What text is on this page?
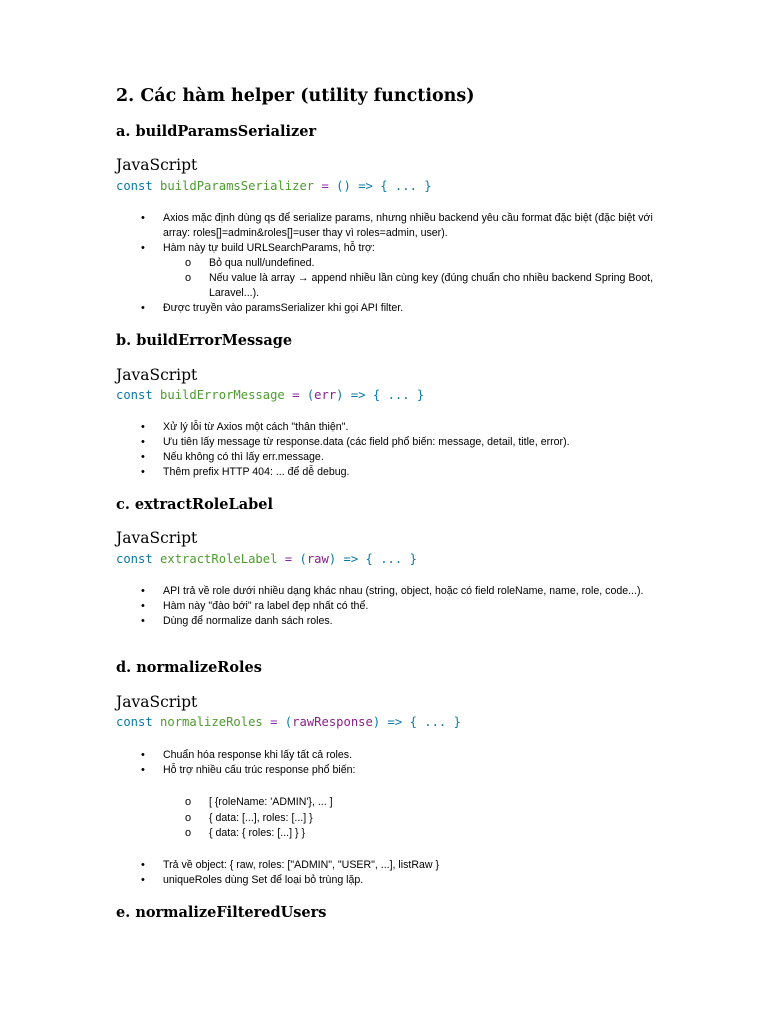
2. Các hàm helper (utility functions)
a. buildParamsSerializer
JavaScript
const buildParamsSerializer = () => { ... }
• Axios mặc định dùng qs để serialize params, nhưng nhiều backend yêu cầu format đặc biệt (đặc biệt với array: roles[]=admin&roles[]=user thay vì roles=admin, user).
• Hàm này tự build URLSearchParams, hỗ trợ:
o Bỏ qua null/undefined.
o Nếu value là array → append nhiều lần cùng key (đúng chuẩn cho nhiều backend Spring Boot, Laravel...).
• Được truyền vào paramsSerializer khi gọi API filter.
b. buildErrorMessage
JavaScript
const buildErrorMessage = (err) => { ... }
• Xử lý lỗi từ Axios một cách "thân thiện".
• Ưu tiên lấy message từ response.data (các field phổ biến: message, detail, title, error).
• Nếu không có thì lấy err.message.
• Thêm prefix HTTP 404: ... để dễ debug.
c. extractRoleLabel
JavaScript
const extractRoleLabel = (raw) => { ... }
• API trả về role dưới nhiều dạng khác nhau (string, object, hoặc có field roleName, name, role, code...).
• Hàm này "đào bới" ra label đẹp nhất có thể.
• Dùng để normalize danh sách roles.
d. normalizeRoles
JavaScript
const normalizeRoles = (rawResponse) => { ... }
• Chuẩn hóa response khi lấy tất cả roles.
• Hỗ trợ nhiều cấu trúc response phổ biến:
o [ {roleName: 'ADMIN'}, ... ]
o { data: [...], roles: [...] }
o { data: { roles: [...] } }
• Trả về object: { raw, roles: ["ADMIN", "USER", ...], listRaw }
• uniqueRoles dùng Set để loại bỏ trùng lặp.
e. normalizeFilteredUsers
